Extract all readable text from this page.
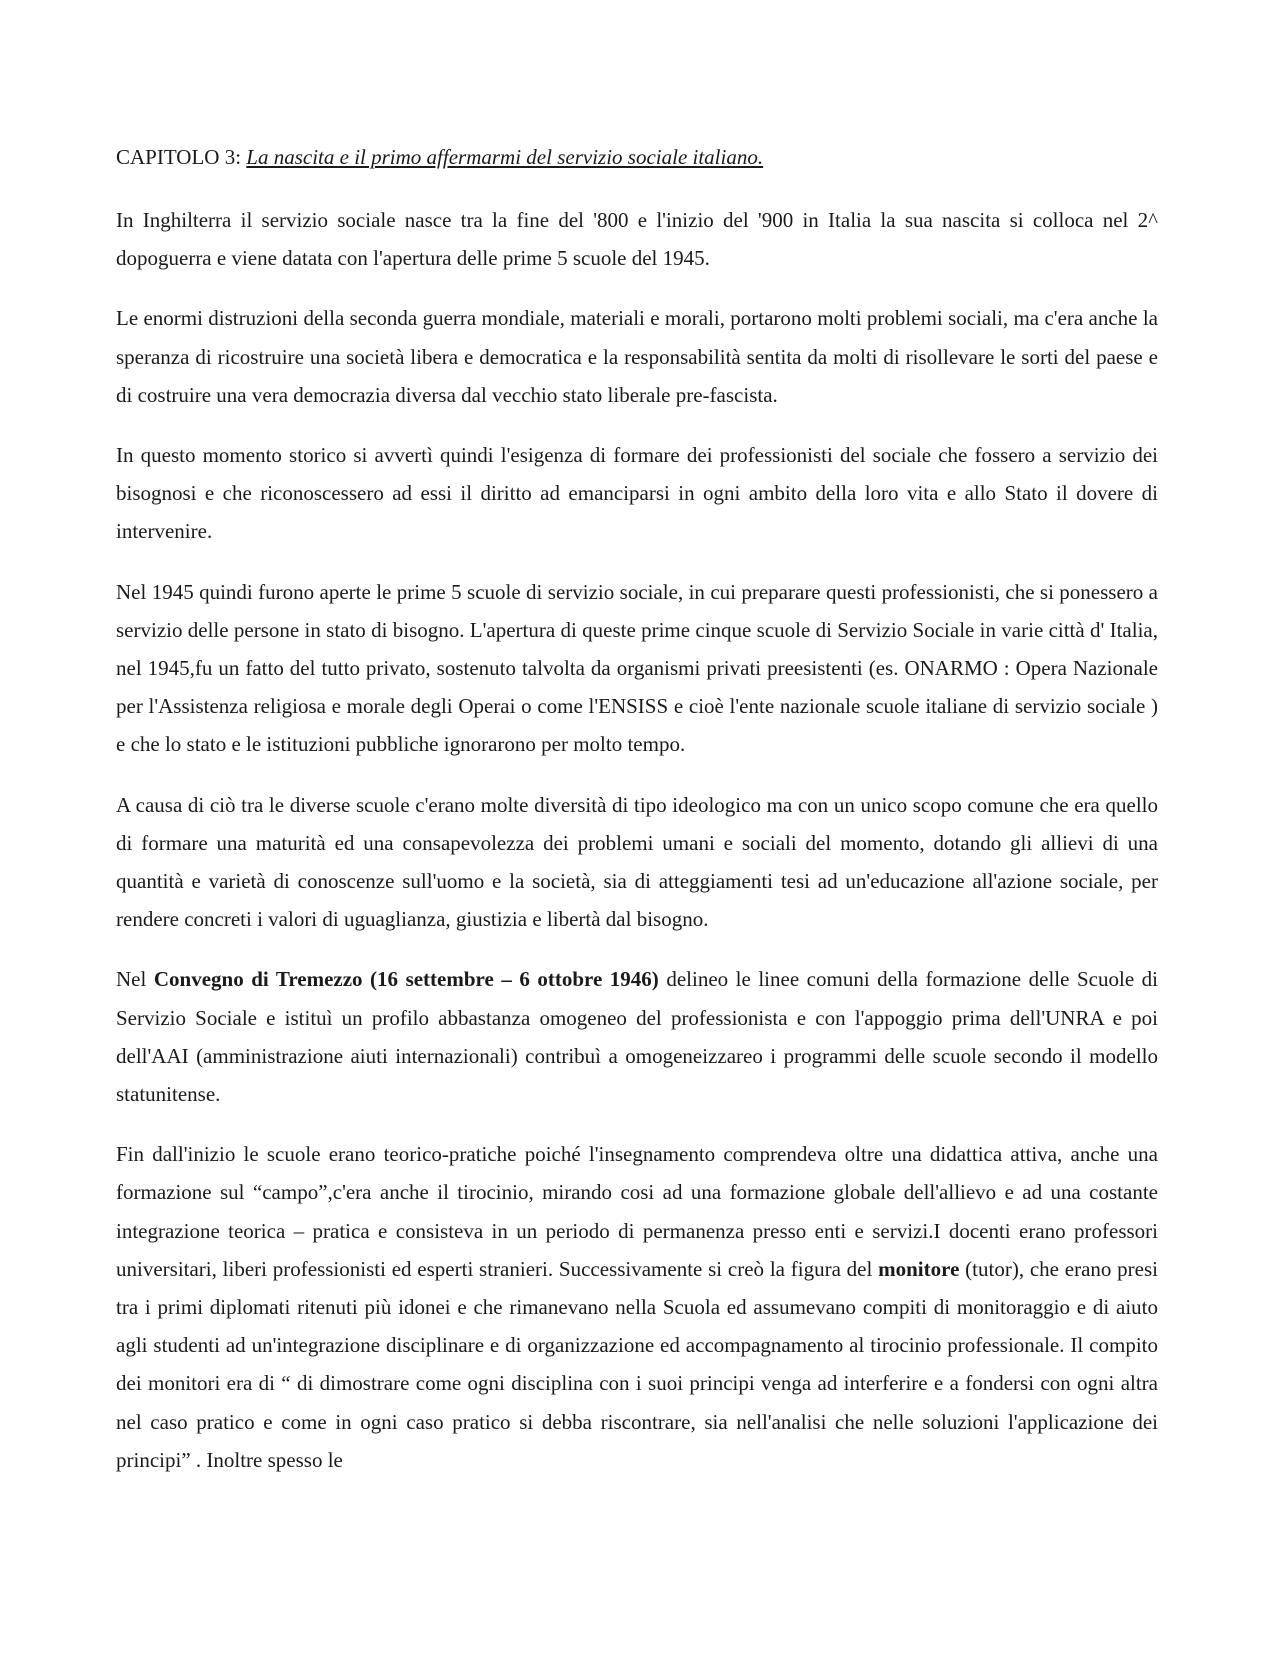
CAPITOLO 3: La nascita e il primo affermarmi del servizio sociale italiano.

In Inghilterra il servizio sociale nasce tra la fine del '800 e l'inizio del '900 in Italia la sua nascita si colloca nel 2^ dopoguerra e viene datata con l'apertura delle prime 5 scuole del 1945.

Le enormi distruzioni della seconda guerra mondiale, materiali e morali, portarono molti problemi sociali, ma c'era anche la speranza di ricostruire una società libera e democratica e la responsabilità sentita da molti di risollevare le sorti del paese e di costruire una vera democrazia diversa dal vecchio stato liberale pre-fascista.

In questo momento storico si avvertì quindi l'esigenza di formare dei professionisti del sociale che fossero a servizio dei bisognosi e che riconoscessero ad essi il diritto ad emanciparsi in ogni ambito della loro vita e allo Stato il dovere di intervenire.

Nel 1945 quindi furono aperte le prime 5 scuole di servizio sociale, in cui preparare questi professionisti, che si ponessero a servizio delle persone in stato di bisogno. L'apertura di queste prime cinque scuole di Servizio Sociale in varie città d' Italia, nel 1945,fu un fatto del tutto privato, sostenuto talvolta da organismi privati preesistenti (es. ONARMO : Opera Nazionale per l'Assistenza religiosa e morale degli Operai o come l'ENSISS e cioè l'ente nazionale scuole italiane di servizio sociale ) e che lo stato e le istituzioni pubbliche ignorarono per molto tempo.

A causa di ciò tra le diverse scuole c'erano molte diversità di tipo ideologico ma con un unico scopo comune che era quello di formare una maturità ed una consapevolezza dei problemi umani e sociali del momento, dotando gli allievi di una quantità e varietà di conoscenze sull'uomo e la società, sia di atteggiamenti tesi ad un'educazione all'azione sociale, per rendere concreti i valori di uguaglianza, giustizia e libertà dal bisogno.

Nel Convegno di Tremezzo (16 settembre – 6 ottobre 1946) delineo le linee comuni della formazione delle Scuole di Servizio Sociale e istituì un profilo abbastanza omogeneo del professionista e con l'appoggio prima dell'UNRA e poi dell'AAI (amministrazione aiuti internazionali) contribuì a omogeneizzareo i programmi delle scuole secondo il modello statunitense.

Fin dall'inizio le scuole erano teorico-pratiche poiché l'insegnamento comprendeva oltre una didattica attiva, anche una formazione sul “campo”,c'era anche il tirocinio, mirando cosi ad una formazione globale dell'allievo e ad una costante integrazione teorica – pratica e consisteva in un periodo di permanenza presso enti e servizi.I docenti erano professori universitari, liberi professionisti ed esperti stranieri. Successivamente si creò la figura del monitore (tutor), che erano presi tra i primi diplomati ritenuti più idonei e che rimanevano nella Scuola ed assumevano compiti di monitoraggio e di aiuto agli studenti ad un'integrazione disciplinare e di organizzazione ed accompagnamento al tirocinio professionale. Il compito dei monitori era di “ di dimostrare come ogni disciplina con i suoi principi venga ad interferire e a fondersi con ogni altra nel caso pratico e come in ogni caso pratico si debba riscontrare, sia nell'analisi che nelle soluzioni l'applicazione dei principi” . Inoltre spesso le
